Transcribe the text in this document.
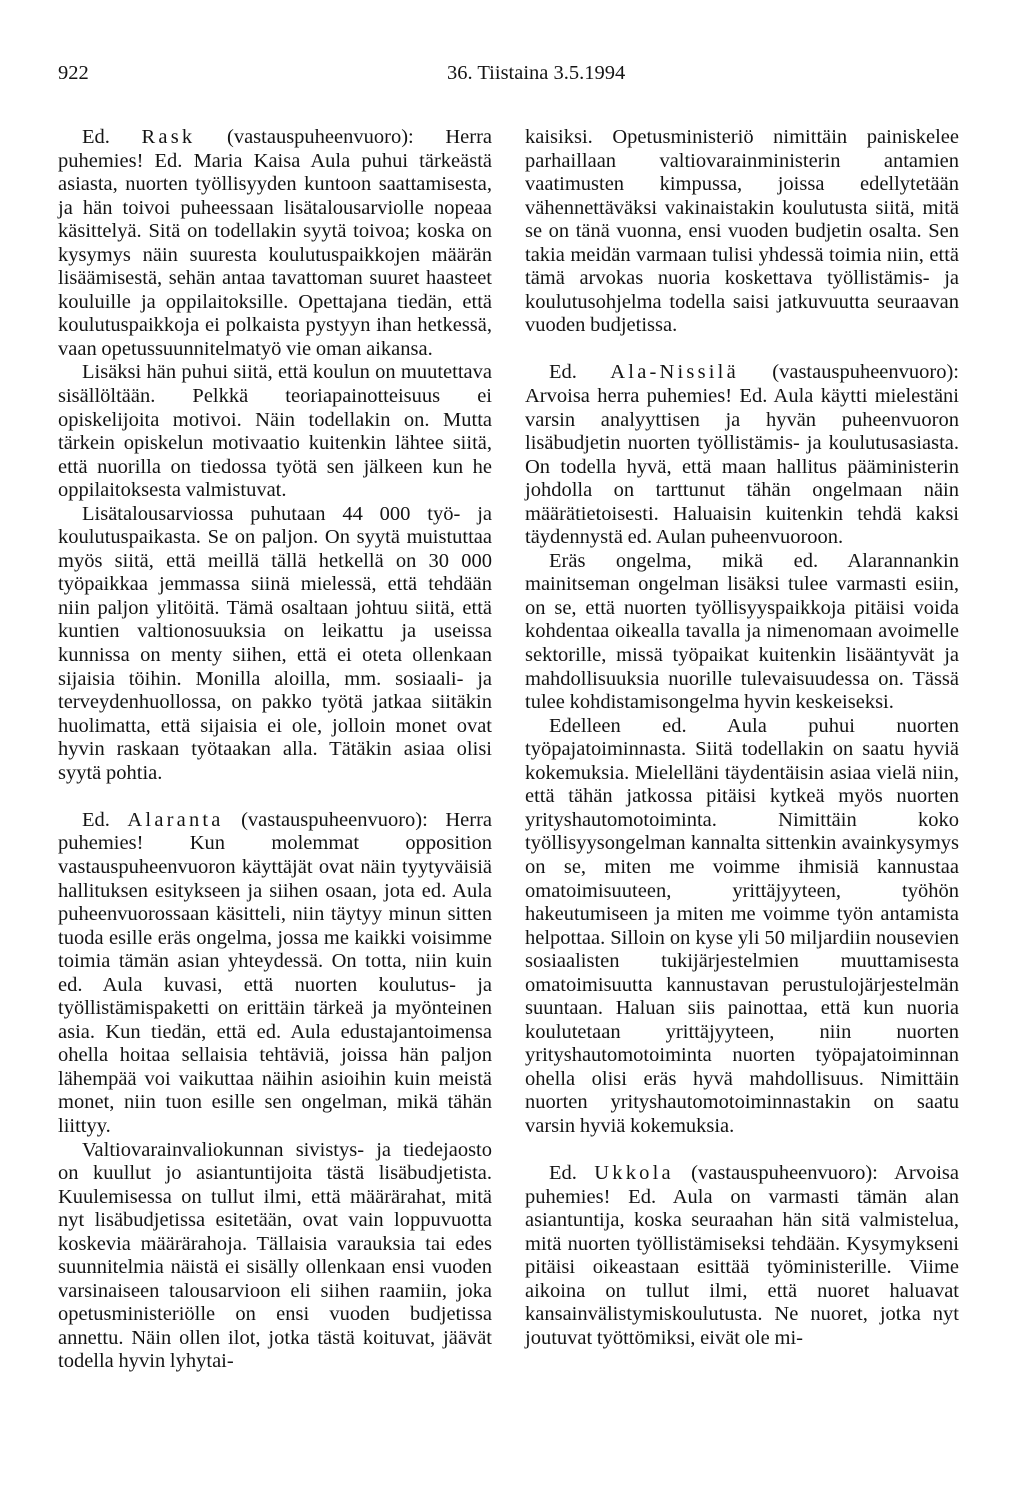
922	36. Tiistaina 3.5.1994

Ed. Rask (vastauspuheenvuoro): Herra puhemies! Ed. Maria Kaisa Aula puhui tärkeästä asiasta, nuorten työllisyyden kuntoon saattamisesta, ja hän toivoi puheessaan lisätalousarviolle nopeaa käsittelyä. Sitä on todellakin syytä toivoa; koska on kysymys näin suuresta koulutuspaikkojen määrän lisäämisestä, sehän antaa tavattoman suuret haasteet kouluille ja oppilaitoksille. Opettajana tiedän, että koulutuspaikkoja ei polkaista pystyyn ihan hetkessä, vaan opetussuunnitelmatyö vie oman aikansa.

Lisäksi hän puhui siitä, että koulun on muutettava sisällöltään. Pelkkä teoriapainotteisuus ei opiskelijoita motivoi. Näin todellakin on. Mutta tärkein opiskelun motivaatio kuitenkin lähtee siitä, että nuorilla on tiedossa työtä sen jälkeen kun he oppilaitoksesta valmistuvat.

Lisätalousarviossa puhutaan 44 000 työ- ja koulutuspaikasta. Se on paljon. On syytä muistuttaa myös siitä, että meillä tällä hetkellä on 30 000 työpaikkaa jemmassa siinä mielessä, että tehdään niin paljon ylitöitä. Tämä osaltaan johtuu siitä, että kuntien valtionosuuksia on leikattu ja useissa kunnissa on menty siihen, että ei oteta ollenkaan sijaisia töihin. Monilla aloilla, mm. sosiaali- ja terveydenhuollossa, on pakko työtä jatkaa siitäkin huolimatta, että sijaisia ei ole, jolloin monet ovat hyvin raskaan työtaakan alla. Tätäkin asiaa olisi syytä pohtia.

Ed. Alaranta (vastauspuheenvuoro): Herra puhemies! Kun molemmat opposition vastauspuheenvuoron käyttäjät ovat näin tyytyväisiä hallituksen esitykseen ja siihen osaan, jota ed. Aula puheenvuorossaan käsitteli, niin täytyy minun sitten tuoda esille eräs ongelma, jossa me kaikki voisimme toimia tämän asian yhteydessä. On totta, niin kuin ed. Aula kuvasi, että nuorten koulutus- ja työllistämispaketti on erittäin tärkeä ja myönteinen asia. Kun tiedän, että ed. Aula edustajantoimensa ohella hoitaa sellaisia tehtäviä, joissa hän paljon lähempää voi vaikuttaa näihin asioihin kuin meistä monet, niin tuon esille sen ongelman, mikä tähän liittyy.

Valtiovarainvaliokunnan sivistys- ja tiedejaosto on kuullut jo asiantuntijoita tästä lisäbudjetista. Kuulemisessa on tullut ilmi, että määrärahat, mitä nyt lisäbudjetissa esitetään, ovat vain loppuvuotta koskevia määrärahoja. Tällaisia varauksia tai edes suunnitelmia näistä ei sisälly ollenkaan ensi vuoden varsinaiseen talousarvioon eli siihen raamiin, joka opetusministeriölle on ensi vuoden budjetissa annettu. Näin ollen ilot, jotka tästä koituvat, jäävät todella hyvin lyhytai-

kaisiksi. Opetusministeriö nimittäin painiskelee parhaillaan valtiovarainministerin antamien vaatimusten kimpussa, joissa edellytetään vähennettäväksi vakinaistakin koulutusta siitä, mitä se on tänä vuonna, ensi vuoden budjetin osalta. Sen takia meidän varmaan tulisi yhdessä toimia niin, että tämä arvokas nuoria koskettava työllistämis- ja koulutusohjelma todella saisi jatkuvuutta seuraavan vuoden budjetissa.

Ed. Ala-Nissilä (vastauspuheenvuoro): Arvoisa herra puhemies! Ed. Aula käytti mielestäni varsin analyyttisen ja hyvän puheenvuoron lisäbudjetin nuorten työllistämis- ja koulutusasiasta. On todella hyvä, että maan hallitus pääministerin johdolla on tarttunut tähän ongelmaan näin määrätietoisesti. Haluaisin kuitenkin tehdä kaksi täydennystä ed. Aulan puheenvuoroon.

Eräs ongelma, mikä ed. Alarannankin mainitseman ongelman lisäksi tulee varmasti esiin, on se, että nuorten työllisyyspaikkoja pitäisi voida kohdentaa oikealla tavalla ja nimenomaan avoimelle sektorille, missä työpaikat kuitenkin lisääntyvät ja mahdollisuuksia nuorille tulevaisuudessa on. Tässä tulee kohdistamisongelma hyvin keskeiseksi.

Edelleen ed. Aula puhui nuorten työpajatoiminnasta. Siitä todellakin on saatu hyviä kokemuksia. Mielelläni täydentäisin asiaa vielä niin, että tähän jatkossa pitäisi kytkeä myös nuorten yrityshautomotoiminta. Nimittäin koko työllisyysongelman kannalta sittenkin avainkysymys on se, miten me voimme ihmisiä kannustaa omatoimisuuteen, yrittäjyyteen, työhön hakeutumiseen ja miten me voimme työn antamista helpottaa. Silloin on kyse yli 50 miljardiin nousevien sosiaalisten tukijärjestelmien muuttamisesta omatoimisuutta kannustavan perustulojärjestelmän suuntaan. Haluan siis painottaa, että kun nuoria koulutetaan yrittäjyyteen, niin nuorten yrityshautomotoiminta nuorten työpajatoiminnan ohella olisi eräs hyvä mahdollisuus. Nimittäin nuorten yrityshautomotoiminnastakin on saatu varsin hyviä kokemuksia.

Ed. Ukkola (vastauspuheenvuoro): Arvoisa puhemies! Ed. Aula on varmasti tämän alan asiantuntija, koska seuraahan hän sitä valmistelua, mitä nuorten työllistämiseksi tehdään. Kysymykseni pitäisi oikeastaan esittää työministerille. Viime aikoina on tullut ilmi, että nuoret haluavat kansainvälistymiskoulutusta. Ne nuoret, jotka nyt joutuvat työttömiksi, eivät ole mi-
